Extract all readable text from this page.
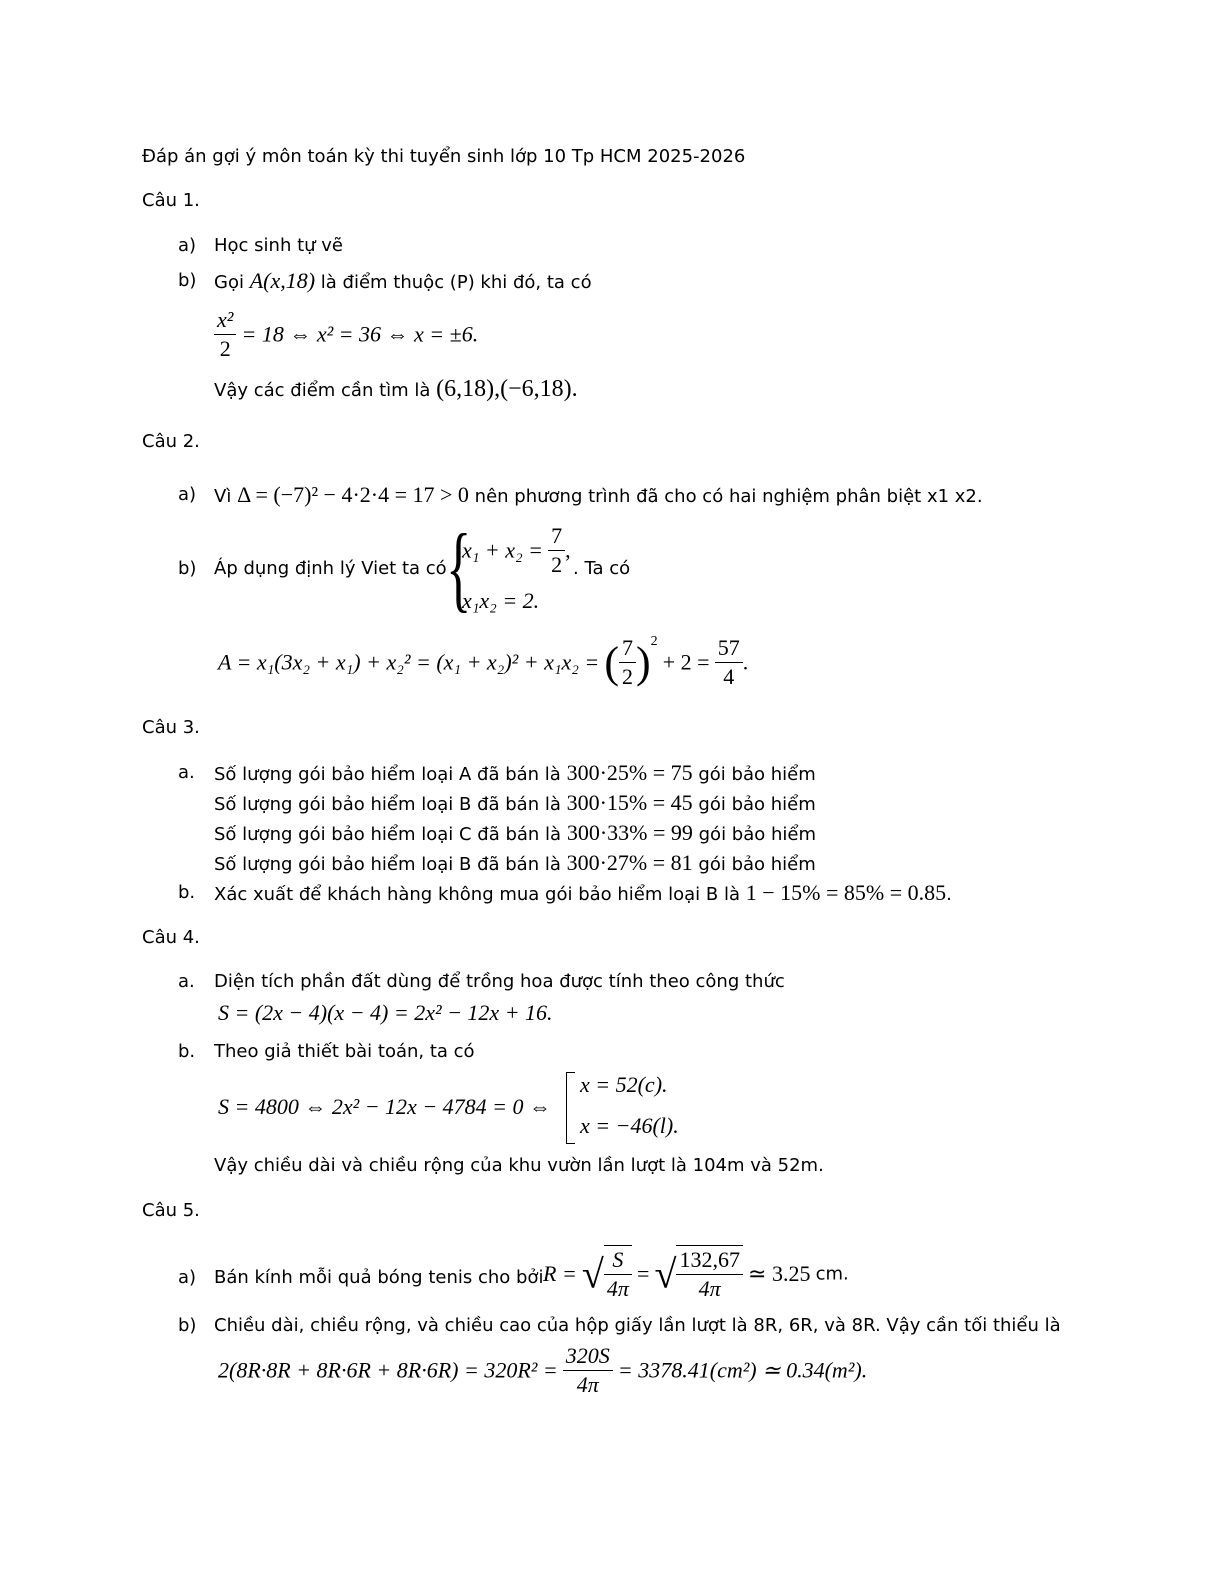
Đáp án gợi ý môn toán kỳ thi tuyển sinh lớp 10 Tp HCM 2025-2026
Câu 1.
a) Học sinh tự vẽ
b) Gọi A(x,18) là điểm thuộc (P) khi đó, ta có
$\frac{\text{x²}}{2} = 18$ ⇔ x² = 36 ⇔ x = ±6.
Vậy các điểm cần tìm là (6,18),(−6,18).
Câu 2.
a) Vì Δ = (−7)² − 4·2·4 = 17 > 0 nên phương trình đã cho có hai nghiệm phân biệt x1 x2.
b) Áp dụng định lý Viet ta có {
$x_1 + x_2 = \frac{7}{2}$ ,
. Ta có
x₁x₂ = 2.
A = x₁(3x₂ + x₁) + x₂² = (x₁ + x₂)² + x₁x₂ = ( $\frac{7}{2} )^2 + 2 = \frac{57}{4}$ .
Câu 3.
a. Số lượng gói bảo hiểm loại A đã bán là 300·25% = 75 gói bảo hiểm
Số lượng gói bảo hiểm loại B đã bán là 300·15% = 45 gói bảo hiểm
Số lượng gói bảo hiểm loại C đã bán là 300·33% = 99 gói bảo hiểm
Số lượng gói bảo hiểm loại B đã bán là 300·27% = 81 gói bảo hiểm
b. Xác xuất để khách hàng không mua gói bảo hiểm loại B là 1 − 15% = 85% = 0.85.
Câu 4.
a. Diện tích phần đất dùng để trồng hoa được tính theo công thức
S = (2x − 4)(x − 4) = 2x² − 12x + 16.
b. Theo giả thiết bài toán, ta có
S = 4800 ⇔ 2x² − 12x − 4784 = 0 ⇔
x = 52(c).
x = −46(l).
Vậy chiều dài và chiều rộng của khu vườn lần lượt là 104m và 52m.
Câu 5.
a) Bán kính mỗi quả bóng tenis cho bởi R = √ $\frac{S}{4\pi}$ = √ $\frac{132,67}{4\pi}$ ≃ 3.25 cm.
b) Chiều dài, chiều rộng, và chiều cao của hộp giấy lần lượt là 8R, 6R, và 8R. Vậy cần tối thiểu là
$2(8R\cdot 8R + 8R\cdot 6R + 8R\cdot 6R) = 320R^2 = \frac{320S}{4\pi} = 3378.41(cm^2)$ ≃ 0.34(m²).
